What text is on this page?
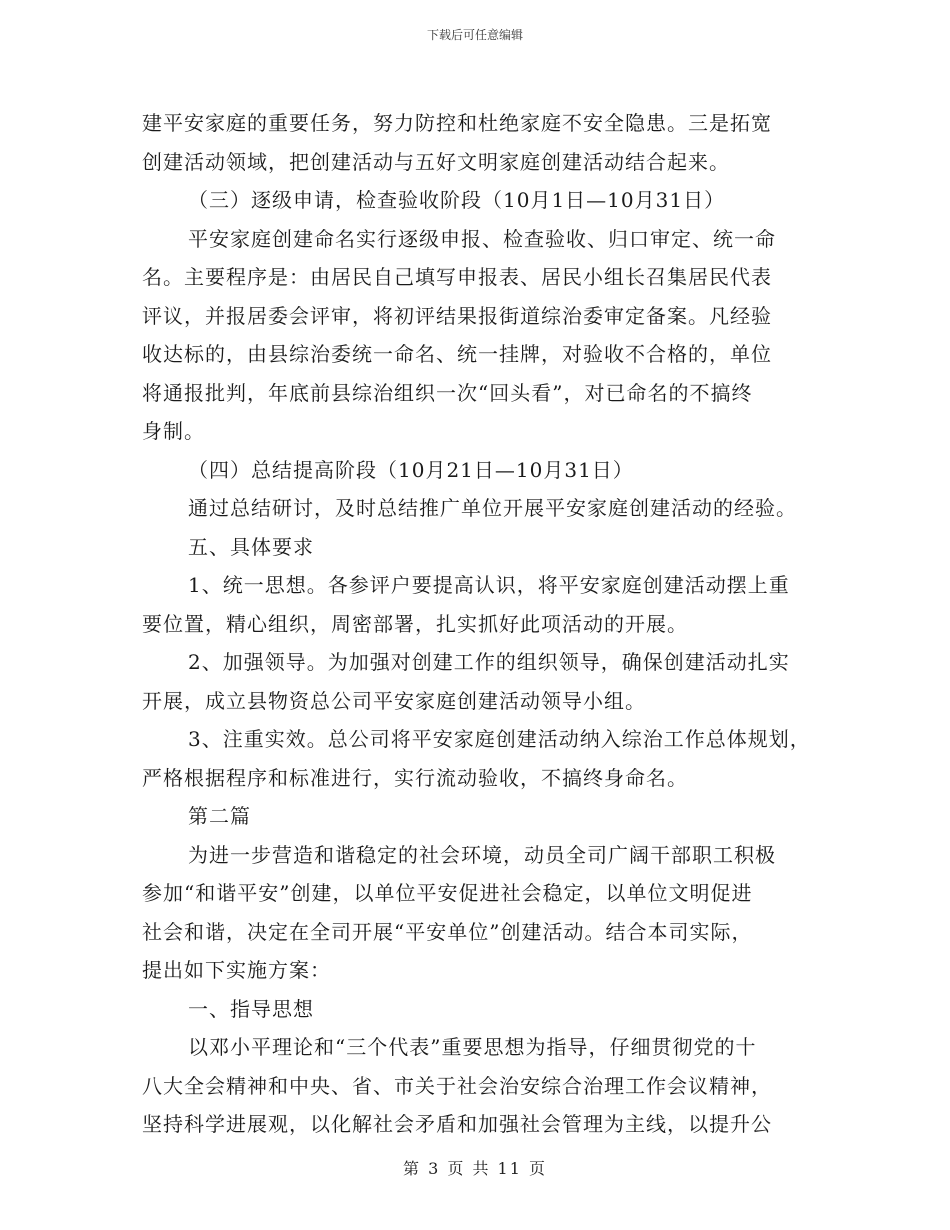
下载后可任意编辑
建平安家庭的重要任务，努力防控和杜绝家庭不安全隐患。三是拓宽
创建活动领域，把创建活动与五好文明家庭创建活动结合起来。
（三）逐级申请，检查验收阶段（10月1日—10月31日）
平安家庭创建命名实行逐级申报、检查验收、归口审定、统一命
名。主要程序是：由居民自己填写申报表、居民小组长召集居民代表
评议，并报居委会评审，将初评结果报街道综治委审定备案。凡经验
收达标的，由县综治委统一命名、统一挂牌，对验收不合格的，单位
将通报批判，年底前县综治组织一次“回头看”，对已命名的不搞终
身制。
（四）总结提高阶段（10月21日—10月31日）
通过总结研讨，及时总结推广单位开展平安家庭创建活动的经验。
五、具体要求
1、统一思想。各参评户要提高认识，将平安家庭创建活动摆上重
要位置，精心组织，周密部署，扎实抓好此项活动的开展。
2、加强领导。为加强对创建工作的组织领导，确保创建活动扎实
开展，成立县物资总公司平安家庭创建活动领导小组。
3、注重实效。总公司将平安家庭创建活动纳入综治工作总体规划，
严格根据程序和标准进行，实行流动验收，不搞终身命名。
第二篇
为进一步营造和谐稳定的社会环境，动员全司广阔干部职工积极
参加“和谐平安”创建，以单位平安促进社会稳定，以单位文明促进
社会和谐，决定在全司开展“平安单位”创建活动。结合本司实际，
提出如下实施方案：
一、指导思想
以邓小平理论和“三个代表”重要思想为指导，仔细贯彻党的十
八大全会精神和中央、省、市关于社会治安综合治理工作会议精神，
坚持科学进展观，以化解社会矛盾和加强社会管理为主线，以提升公
第 3 页 共 11 页
